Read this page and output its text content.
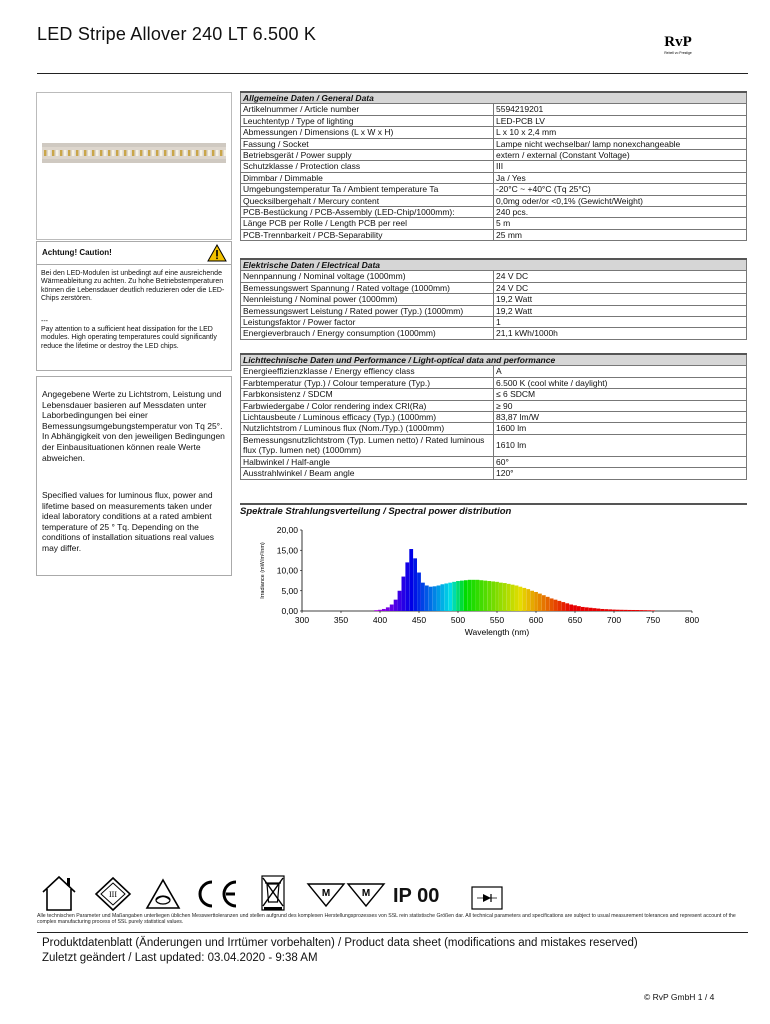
LED Stripe Allover 240 LT 6.500 K	RvP
Rebell vo Prestige
Achtung! Caution!
Bei den LED-Modulen ist unbedingt auf eine ausreichende Wärmeableitung zu achten. Zu hohe Betriebstemperaturen können die Lebensdauer deutlich reduzieren oder die LED-Chips zerstören.
---
Pay attention to a sufficient heat dissipation for the LED modules. High operating temperatures could significantly reduce the lifetime or destroy the LED chips.
Angegebene Werte zu Lichtstrom, Leistung und Lebensdauer basieren auf Messdaten unter Laborbedingungen bei einer Bemessungsumgebungstemperatur von Tq 25°. In Abhängigkeit von den jeweiligen Bedingungen der Einbausituationen können reale Werte abweichen.
Specified values for luminous flux, power and lifetime based on measurements taken under ideal laboratory conditions at a rated ambient temperature of 25 ° Tq. Depending on the conditions of installation situations real values may differ.
Allgemeine Daten / General Data	
Artikelnummer / Article number	5594219201
Leuchtentyp / Type of lighting	LED-PCB LV
Abmessungen / Dimensions (L x W x H)	L x 10 x 2,4 mm
Fassung / Socket	Lampe nicht wechselbar/ lamp nonexchangeable
Betriebsgerät / Power supply	extern / external (Constant Voltage)
Schutzklasse / Protection class	III
Dimmbar / Dimmable	Ja / Yes
Umgebungstemperatur Ta / Ambient temperature Ta	-20°C ~ +40°C (Tq 25°C)
Quecksilbergehalt / Mercury content	0,0mg oder/or <0,1% (Gewicht/Weight)
PCB-Bestückung / PCB-Assembly (LED-Chip/1000mm):	240 pcs.
Länge PCB per Rolle / Length PCB per reel	5 m
PCB-Trennbarkeit / PCB-Separability	25 mm
Elektrische Daten / Electrical Data	
Nennpannung / Nominal voltage (1000mm)	24 V DC
Bemessungswert Spannung / Rated voltage (1000mm)	24 V DC
Nennleistung / Nominal power (1000mm)	19,2 Watt
Bemessungswert Leistung / Rated power (Typ.) (1000mm)	19,2 Watt
Leistungsfaktor / Power factor	1
Energieverbrauch / Energy consumption (1000mm)	21,1 kWh/1000h
Lichttechnische Daten und Performance / Light-optical data and performance	
Energieeffizienzklasse / Energy effiency class	A
Farbtemperatur (Typ.) / Colour temperature (Typ.)	6.500 K (cool white / daylight)
Farbkonsistenz / SDCM	≤ 6 SDCM
Farbwiedergabe / Color rendering index CRI(Ra)	≥ 90
Lichtausbeute / Luminous efficacy (Typ.) (1000mm)	83,87 lm/W
Nutzlichtstrom / Luminous flux (Nom./Typ.) (1000mm)	1600 lm
Bemessungsnutzlichtstrom (Typ. Lumen netto) / Rated luminous flux (Typ. lumen net) (1000mm)	1610 lm
Halbwinkel / Half-angle	60°
Ausstrahlwinkel / Beam angle	120°
Spektrale Strahlungsverteilung / Spectral power distribution
300	350	400	450	500	550	600	650	700	750	800
0,00
5,00
10,00
15,00
20,00
Wavelength (nm)
Irradiance (mW/m²/nm)
III	M	M IP 00
Alle technischen Parameter und Maßangaben unterliegen üblichen Messwerttoleranzen und stellen aufgrund des komplexen Herstellungsprozesses von SSL rein statistische Größen dar. All technical parameters and specifications are subject to usual measurement tolerances and represent account of the complex manufacturing process of SSL purely statistical values.
Produktdatenblatt (Änderungen und Irrtümer vorbehalten) / Product data sheet (modifications and mistakes reserved)
Zuletzt geändert / Last updated: 03.04.2020 - 9:38 AM
© RvP GmbH 1 / 4
